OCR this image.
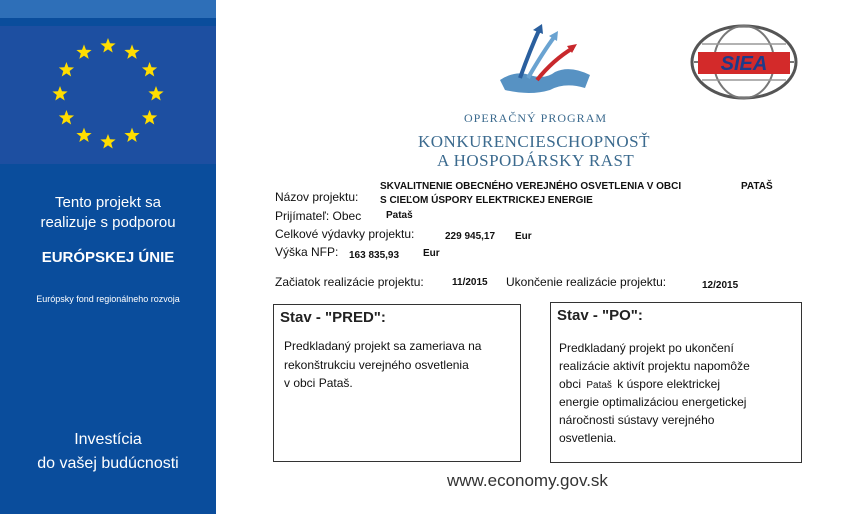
Tento projekt sa
realizuje s podporou
EURÓPSKEJ ÚNIE
Európsky fond regionálneho rozvoja
Investícia
do vašej budúcnosti
SIEA
OPERAČNÝ PROGRAM
KONKURENCIESCHOPNOSŤ
A HOSPODÁRSKY RAST
Názov projektu:
SKVALITNENIE OBECNÉHO VEREJNÉHO OSVETLENIA V OBCI	PATAŠ
S CIEĽOM ÚSPORY ELEKTRICKEJ ENERGIE
Prijímateľ: Obec Pataš
Celkové výdavky projektu:	229 945,17 Eur
Výška NFP: 163 835,93 Eur
Začiatok realizácie projektu:	11/2015 Ukončenie realizácie projektu:	12/2015
Stav - "PRED":
Predkladaný projekt sa zameriava na
rekonštrukciu verejného osvetlenia
v obci Pataš.
Stav - "PO":
Predkladaný projekt po ukončení
realizácie aktivít projektu napomôže
obci Pataš k úspore elektrickej
energie optimalizáciou energetickej
náročnosti sústavy verejného
osvetlenia.
www.economy.gov.sk
